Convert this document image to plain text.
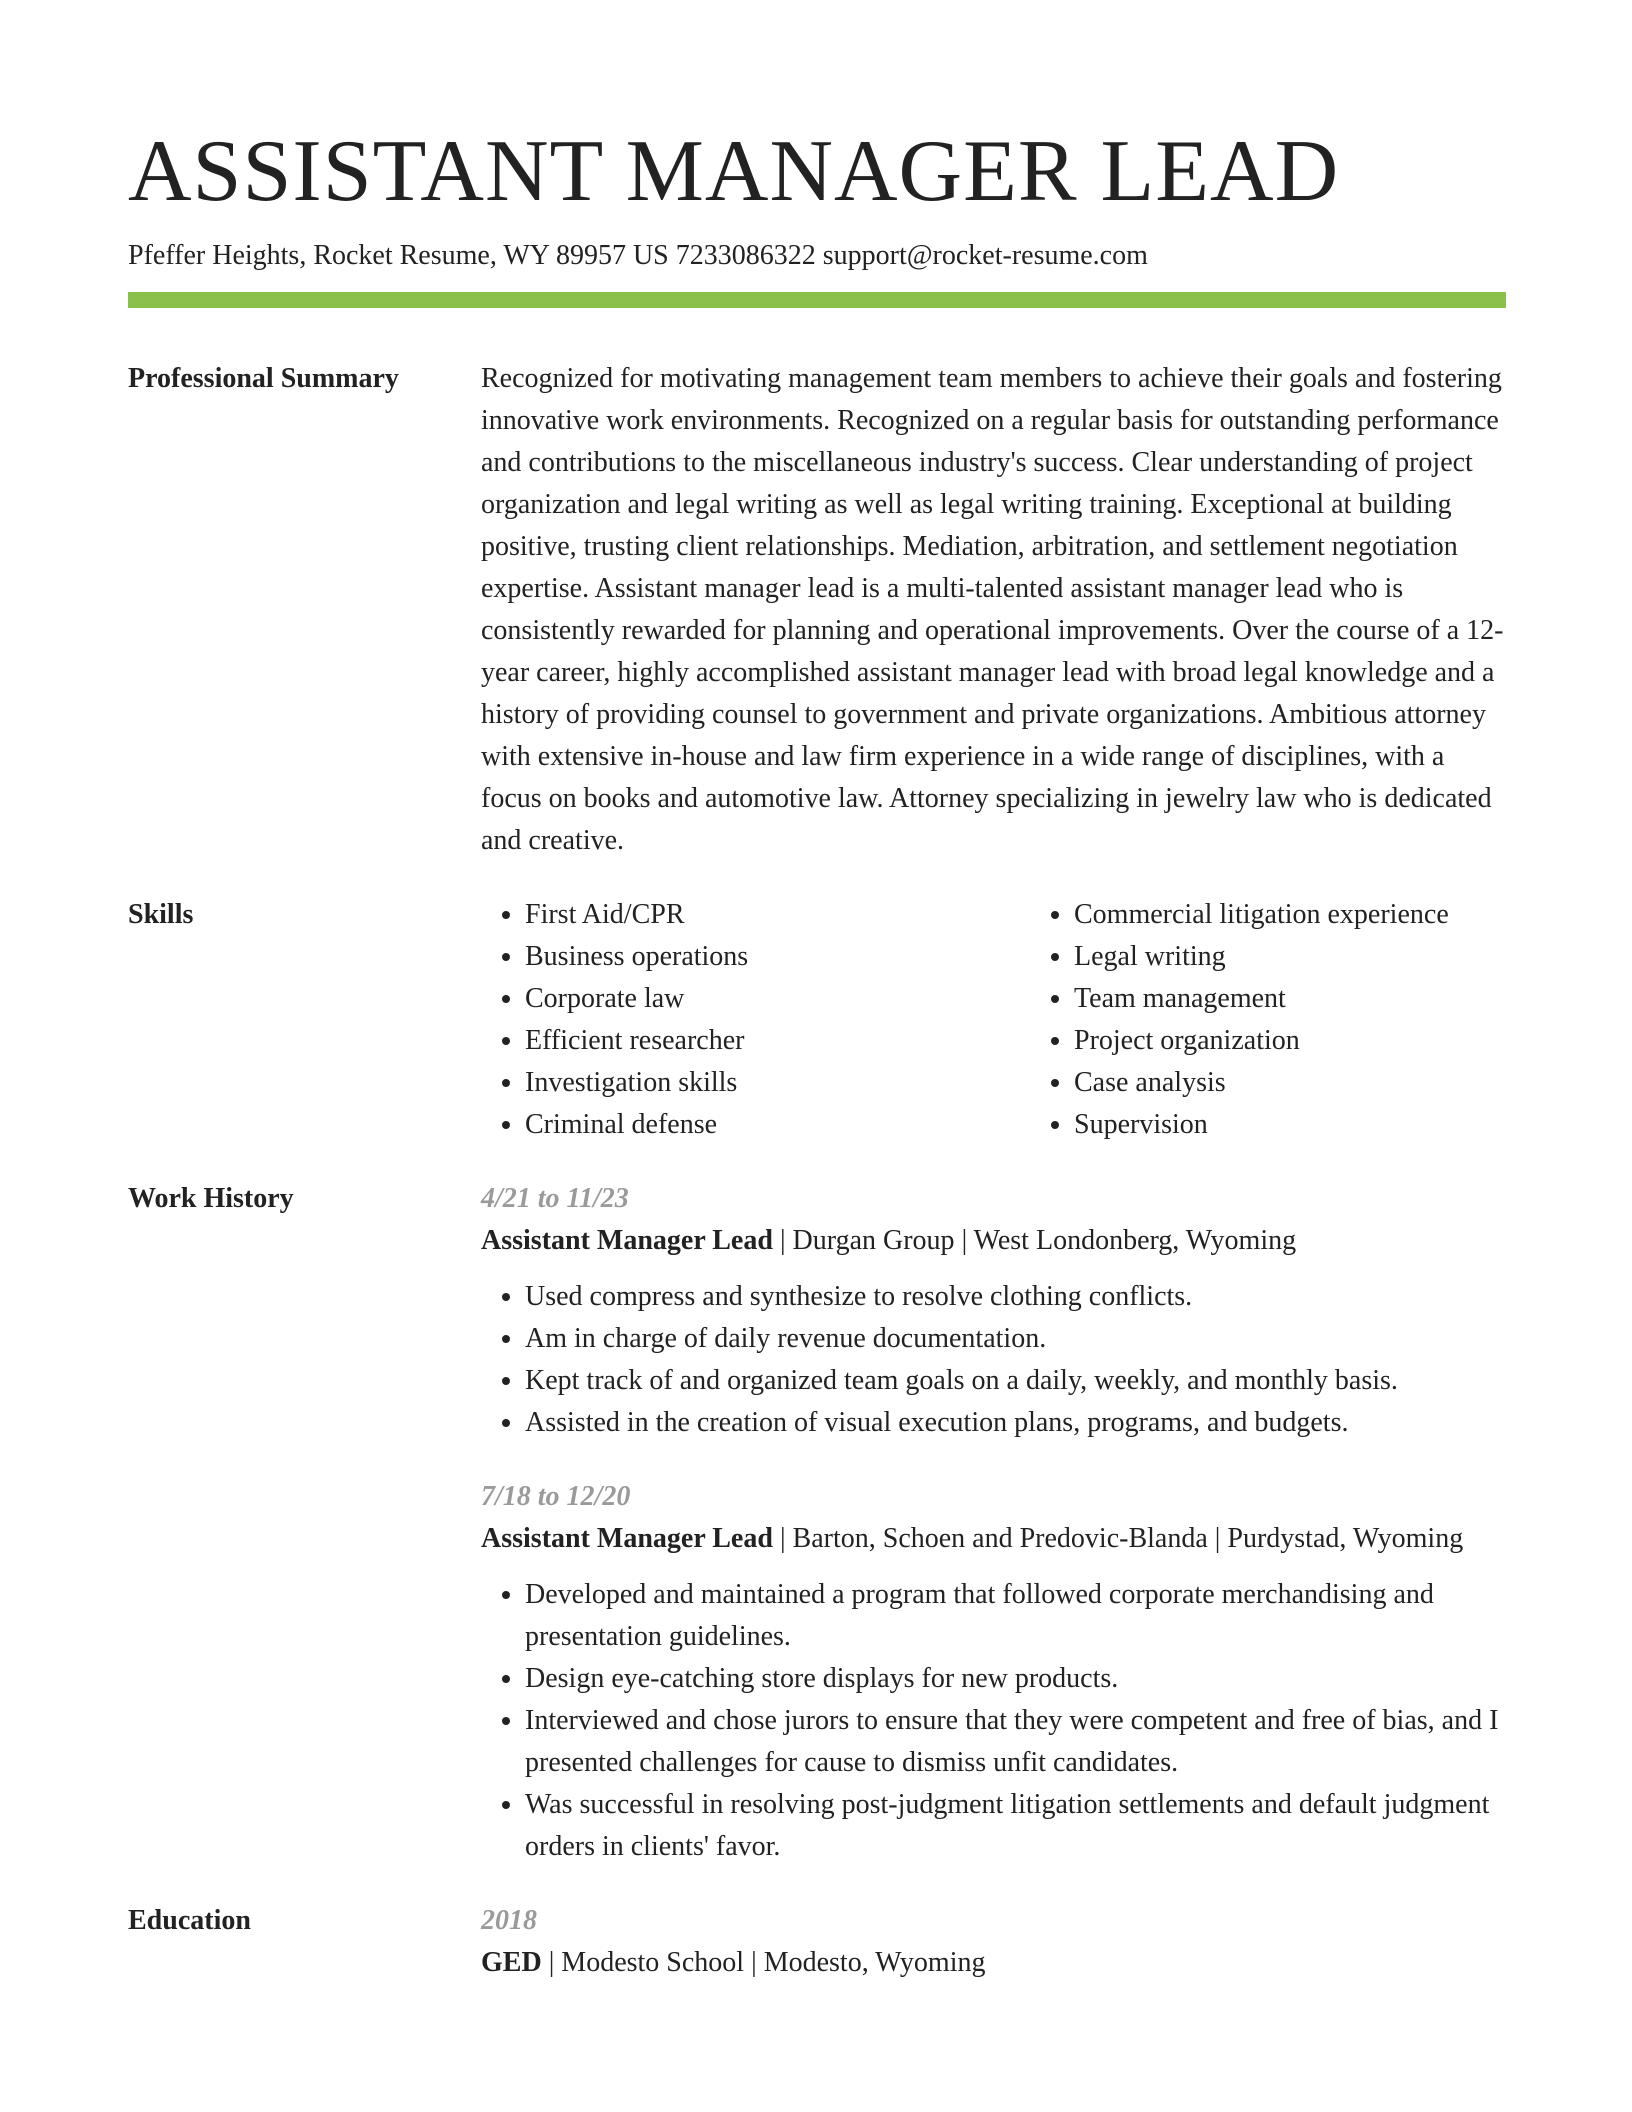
ASSISTANT MANAGER LEAD
Pfeffer Heights, Rocket Resume, WY 89957 US 7233086322 support@rocket-resume.com
Professional Summary	Recognized for motivating management team members to achieve their goals and fostering innovative work environments. Recognized on a regular basis for outstanding performance and contributions to the miscellaneous industry's success. Clear understanding of project organization and legal writing as well as legal writing training. Exceptional at building positive, trusting client relationships. Mediation, arbitration, and settlement negotiation expertise. Assistant manager lead is a multi-talented assistant manager lead who is consistently rewarded for planning and operational improvements. Over the course of a 12-year career, highly accomplished assistant manager lead with broad legal knowledge and a history of providing counsel to government and private organizations. Ambitious attorney with extensive in-house and law firm experience in a wide range of disciplines, with a focus on books and automotive law. Attorney specializing in jewelry law who is dedicated and creative.
Skills
•	First Aid/CPR
• Business operations
• Corporate law
• Efficient researcher
• Investigation skills
• Criminal defense
• Commercial litigation experience
• Legal writing
• Team management
• Project organization
• Case analysis
• Supervision
Work History	4/21 to 11/23
Assistant Manager Lead | Durgan Group | West Londonberg, Wyoming
• Used compress and synthesize to resolve clothing conflicts.
• Am in charge of daily revenue documentation.
• Kept track of and organized team goals on a daily, weekly, and monthly basis.
• Assisted in the creation of visual execution plans, programs, and budgets.
7/18 to 12/20
Assistant Manager Lead | Barton, Schoen and Predovic-Blanda | Purdystad, Wyoming
• Developed and maintained a program that followed corporate merchandising and presentation guidelines.
• Design eye-catching store displays for new products.
• Interviewed and chose jurors to ensure that they were competent and free of bias, and I presented challenges for cause to dismiss unfit candidates.
• Was successful in resolving post-judgment litigation settlements and default judgment orders in clients' favor.
Education	2018
GED | Modesto School | Modesto, Wyoming
